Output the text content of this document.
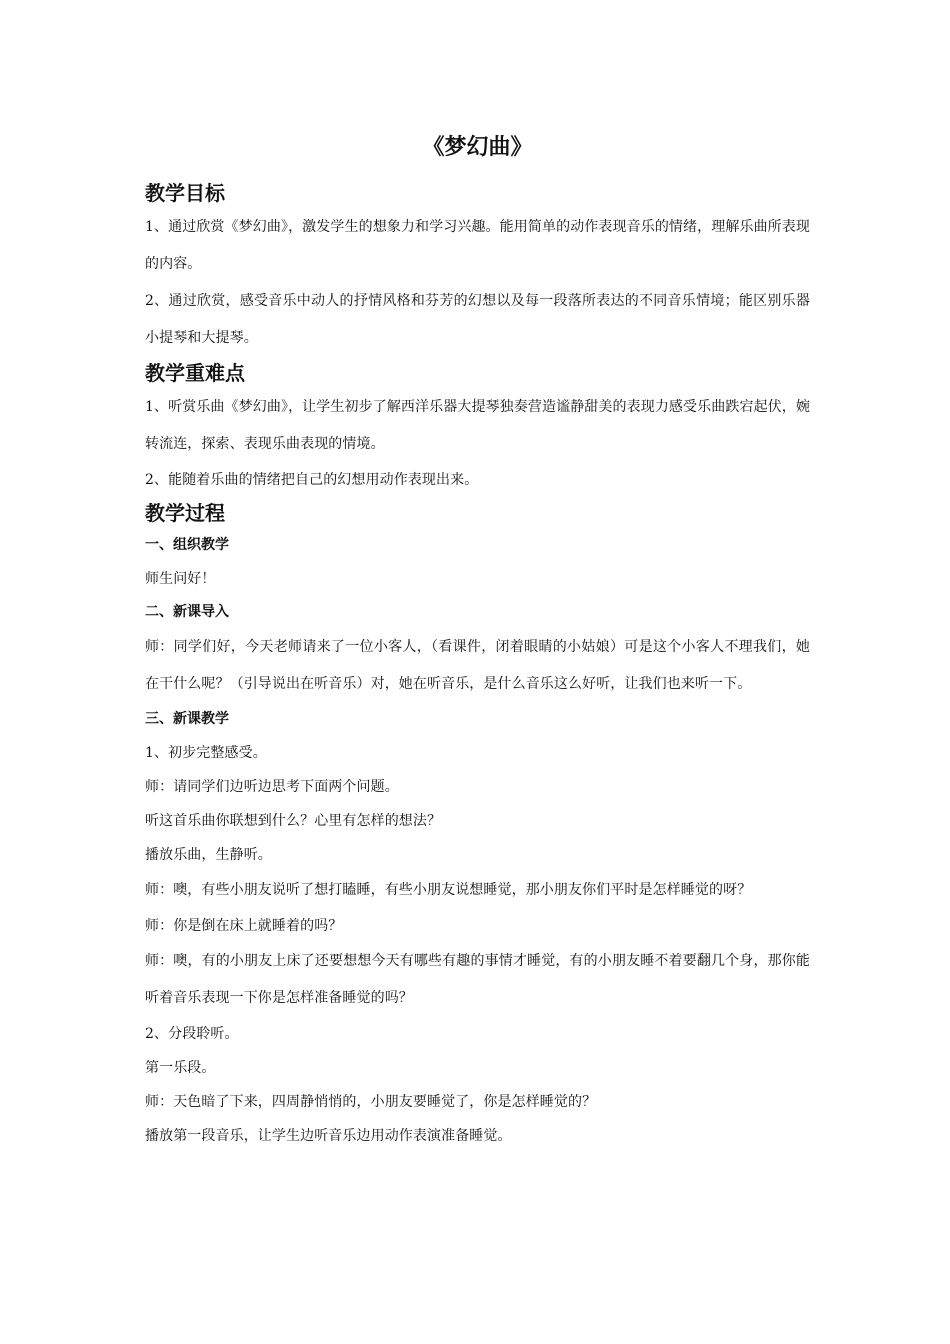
《梦幻曲》
教学目标
1、通过欣赏《梦幻曲》，激发学生的想象力和学习兴趣。能用简单的动作表现音乐的情绪，理解乐曲所表现的内容。
2、通过欣赏，感受音乐中动人的抒情风格和芬芳的幻想以及每一段落所表达的不同音乐情境；能区别乐器小提琴和大提琴。
教学重难点
1、听赏乐曲《梦幻曲》，让学生初步了解西洋乐器大提琴独奏营造谧静甜美的表现力感受乐曲跌宕起伏，婉转流连，探索、表现乐曲表现的情境。
2、能随着乐曲的情绪把自己的幻想用动作表现出来。
教学过程
一、组织教学
师生问好！
二、新课导入
师：同学们好，今天老师请来了一位小客人，（看课件，闭着眼睛的小姑娘）可是这个小客人不理我们，她在干什么呢？（引导说出在听音乐）对，她在听音乐，是什么音乐这么好听，让我们也来听一下。
三、新课教学
1、初步完整感受。
师：请同学们边听边思考下面两个问题。
听这首乐曲你联想到什么？心里有怎样的想法？
播放乐曲，生静听。
师：噢，有些小朋友说听了想打瞌睡，有些小朋友说想睡觉，那小朋友你们平时是怎样睡觉的呀？
师：你是倒在床上就睡着的吗？
师：噢，有的小朋友上床了还要想想今天有哪些有趣的事情才睡觉，有的小朋友睡不着要翻几个身，那你能听着音乐表现一下你是怎样准备睡觉的吗？
2、分段聆听。
第一乐段。
师：天色暗了下来，四周静悄悄的，小朋友要睡觉了，你是怎样睡觉的？
播放第一段音乐，让学生边听音乐边用动作表演准备睡觉。
